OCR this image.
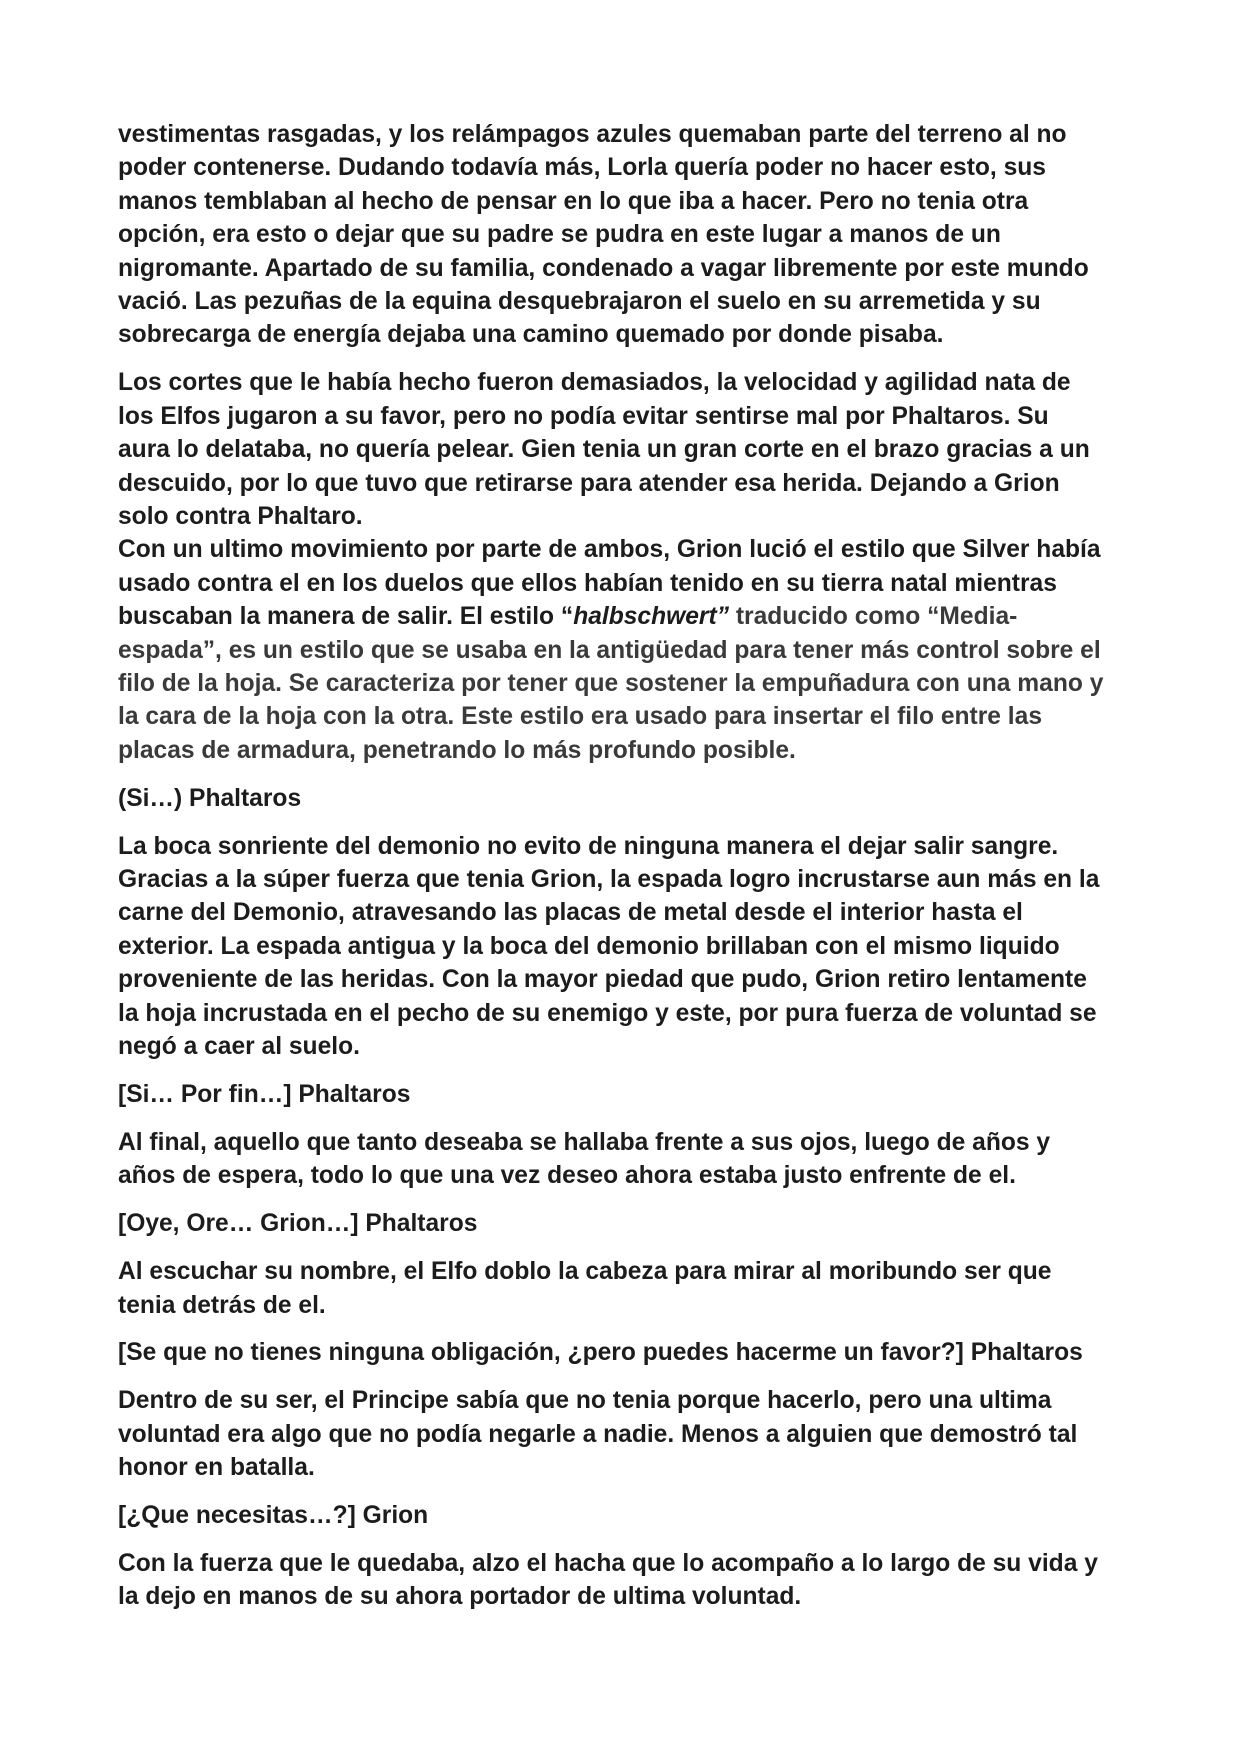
vestimentas rasgadas, y los relámpagos azules quemaban parte del terreno al no
poder contenerse. Dudando todavía más, Lorla quería poder no hacer esto, sus
manos temblaban al hecho de pensar en lo que iba a hacer. Pero no tenia otra
opción, era esto o dejar que su padre se pudra en este lugar a manos de un
nigromante. Apartado de su familia, condenado a vagar libremente por este mundo
vació. Las pezuñas de la equina desquebrajaron el suelo en su arremetida y su
sobrecarga de energía dejaba una camino quemado por donde pisaba.
Los cortes que le había hecho fueron demasiados, la velocidad y agilidad nata de
los Elfos jugaron a su favor, pero no podía evitar sentirse mal por Phaltaros. Su
aura lo delataba, no quería pelear. Gien tenia un gran corte en el brazo gracias a un
descuido, por lo que tuvo que retirarse para atender esa herida. Dejando a Grion
solo contra Phaltaro.
Con un ultimo movimiento por parte de ambos, Grion lució el estilo que Silver había
usado contra el en los duelos que ellos habían tenido en su tierra natal mientras
buscaban la manera de salir. El estilo “halbschwert” traducido como “Media-
espada”, es un estilo que se usaba en la antigüedad para tener más control sobre el
filo de la hoja. Se caracteriza por tener que sostener la empuñadura con una mano y
la cara de la hoja con la otra. Este estilo era usado para insertar el filo entre las
placas de armadura, penetrando lo más profundo posible.
(Si…) Phaltaros
La boca sonriente del demonio no evito de ninguna manera el dejar salir sangre.
Gracias a la súper fuerza que tenia Grion, la espada logro incrustarse aun más en la
carne del Demonio, atravesando las placas de metal desde el interior hasta el
exterior. La espada antigua y la boca del demonio brillaban con el mismo liquido
proveniente de las heridas. Con la mayor piedad que pudo, Grion retiro lentamente
la hoja incrustada en el pecho de su enemigo y este, por pura fuerza de voluntad se
negó a caer al suelo.
[Si… Por fin…] Phaltaros
Al final, aquello que tanto deseaba se hallaba frente a sus ojos, luego de años y
años de espera, todo lo que una vez deseo ahora estaba justo enfrente de el.
[Oye, Ore… Grion…] Phaltaros
Al escuchar su nombre, el Elfo doblo la cabeza para mirar al moribundo ser que
tenia detrás de el.
[Se que no tienes ninguna obligación, ¿pero puedes hacerme un favor?] Phaltaros
Dentro de su ser, el Principe sabía que no tenia porque hacerlo, pero una ultima
voluntad era algo que no podía negarle a nadie. Menos a alguien que demostró tal
honor en batalla.
[¿Que necesitas…?] Grion
Con la fuerza que le quedaba, alzo el hacha que lo acompaño a lo largo de su vida y
la dejo en manos de su ahora portador de ultima voluntad.
